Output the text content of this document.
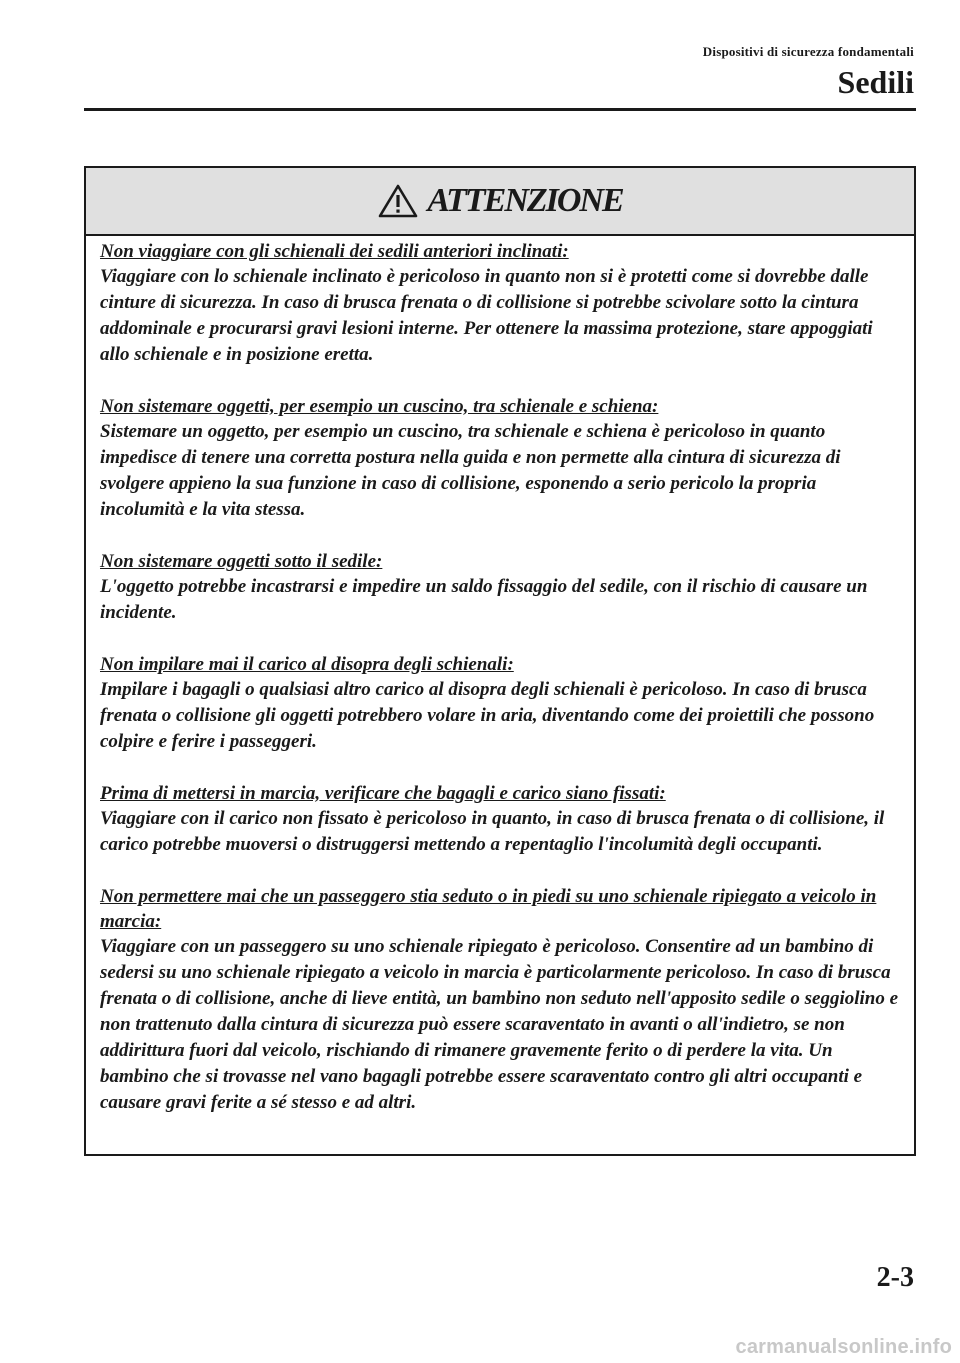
Dispositivi di sicurezza fondamentali
Sedili
ATTENZIONE
Non viaggiare con gli schienali dei sedili anteriori inclinati:

Viaggiare con lo schienale inclinato è pericoloso in quanto non si è protetti come si dovrebbe dalle cinture di sicurezza. In caso di brusca frenata o di collisione si potrebbe scivolare sotto la cintura addominale e procurarsi gravi lesioni interne. Per ottenere la massima protezione, stare appoggiati allo schienale e in posizione eretta.

Non sistemare oggetti, per esempio un cuscino, tra schienale e schiena:

Sistemare un oggetto, per esempio un cuscino, tra schienale e schiena è pericoloso in quanto impedisce di tenere una corretta postura nella guida e non permette alla cintura di sicurezza di svolgere appieno la sua funzione in caso di collisione, esponendo a serio pericolo la propria incolumità e la vita stessa.

Non sistemare oggetti sotto il sedile:

L'oggetto potrebbe incastrarsi e impedire un saldo fissaggio del sedile, con il rischio di causare un incidente.

Non impilare mai il carico al disopra degli schienali:

Impilare i bagagli o qualsiasi altro carico al disopra degli schienali è pericoloso. In caso di brusca frenata o collisione gli oggetti potrebbero volare in aria, diventando come dei proiettili che possono colpire e ferire i passeggeri.

Prima di mettersi in marcia, verificare che bagagli e carico siano fissati:

Viaggiare con il carico non fissato è pericoloso in quanto, in caso di brusca frenata o di collisione, il carico potrebbe muoversi o distruggersi mettendo a repentaglio l'incolumità degli occupanti.

Non permettere mai che un passeggero stia seduto o in piedi su uno schienale ripiegato a veicolo in marcia:

Viaggiare con un passeggero su uno schienale ripiegato è pericoloso. Consentire ad un bambino di sedersi su uno schienale ripiegato a veicolo in marcia è particolarmente pericoloso. In caso di brusca frenata o di collisione, anche di lieve entità, un bambino non seduto nell'apposito sedile o seggiolino e non trattenuto dalla cintura di sicurezza può essere scaraventato in avanti o all'indietro, se non addirittura fuori dal veicolo, rischiando di rimanere gravemente ferito o di perdere la vita. Un bambino che si trovasse nel vano bagagli potrebbe essere scaraventato contro gli altri occupanti e causare gravi ferite a sé stesso e ad altri.

2-3
carmanualsonline.info
